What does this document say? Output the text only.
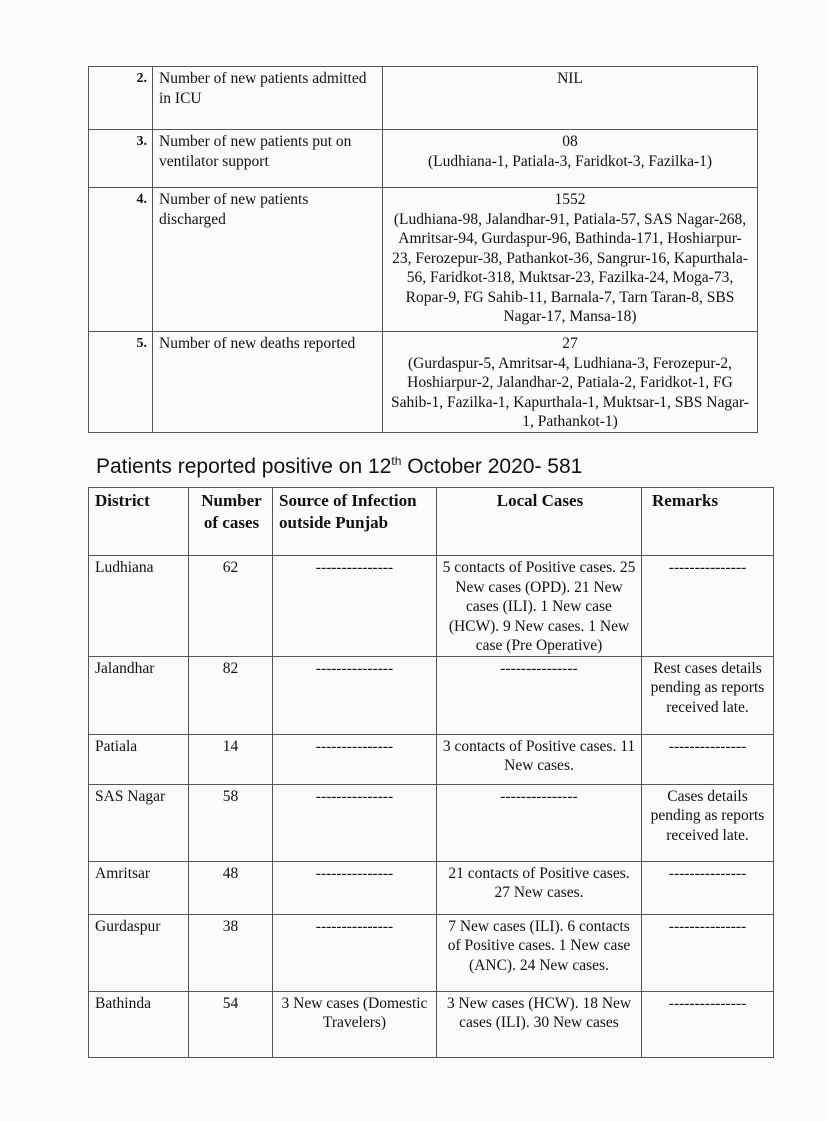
2.	Number of new patients admitted in ICU	NIL

3.	Number of new patients put on ventilator support	08
(Ludhiana-1, Patiala-3, Faridkot-3, Fazilka-1)

4.	Number of new patients discharged	1552
(Ludhiana-98, Jalandhar-91, Patiala-57, SAS Nagar-268, Amritsar-94, Gurdaspur-96, Bathinda-171, Hoshiarpur-23, Ferozepur-38, Pathankot-36, Sangrur-16, Kapurthala-56, Faridkot-318, Muktsar-23, Fazilka-24, Moga-73, Ropar-9, FG Sahib-11, Barnala-7, Tarn Taran-8, SBS Nagar-17, Mansa-18)

5.	Number of new deaths reported	27
(Gurdaspur-5, Amritsar-4, Ludhiana-3, Ferozepur-2, Hoshiarpur-2, Jalandhar-2, Patiala-2, Faridkot-1, FG Sahib-1, Fazilka-1, Kapurthala-1, Muktsar-1, SBS Nagar-1, Pathankot-1)
Patients reported positive on 12th October 2020- 581
District	Number of cases	Source of Infection outside Punjab	Local Cases	Remarks
Ludhiana	62	---------------	5 contacts of Positive cases. 25 New cases (OPD). 21 New cases (ILI). 1 New case (HCW). 9 New cases. 1 New case (Pre Operative)	---------------
Jalandhar	82	---------------	---------------	Rest cases details pending as reports received late.
Patiala	14	---------------	3 contacts of Positive cases. 11 New cases.	---------------
SAS Nagar	58	---------------	---------------	Cases details pending as reports received late.
Amritsar	48	---------------	21 contacts of Positive cases. 27 New cases.	---------------
Gurdaspur	38	---------------	7 New cases (ILI). 6 contacts of Positive cases. 1 New case (ANC). 24 New cases.	---------------
Bathinda	54	3 New cases (Domestic Travelers)	3 New cases (HCW). 18 New cases (ILI). 30 New cases	---------------
